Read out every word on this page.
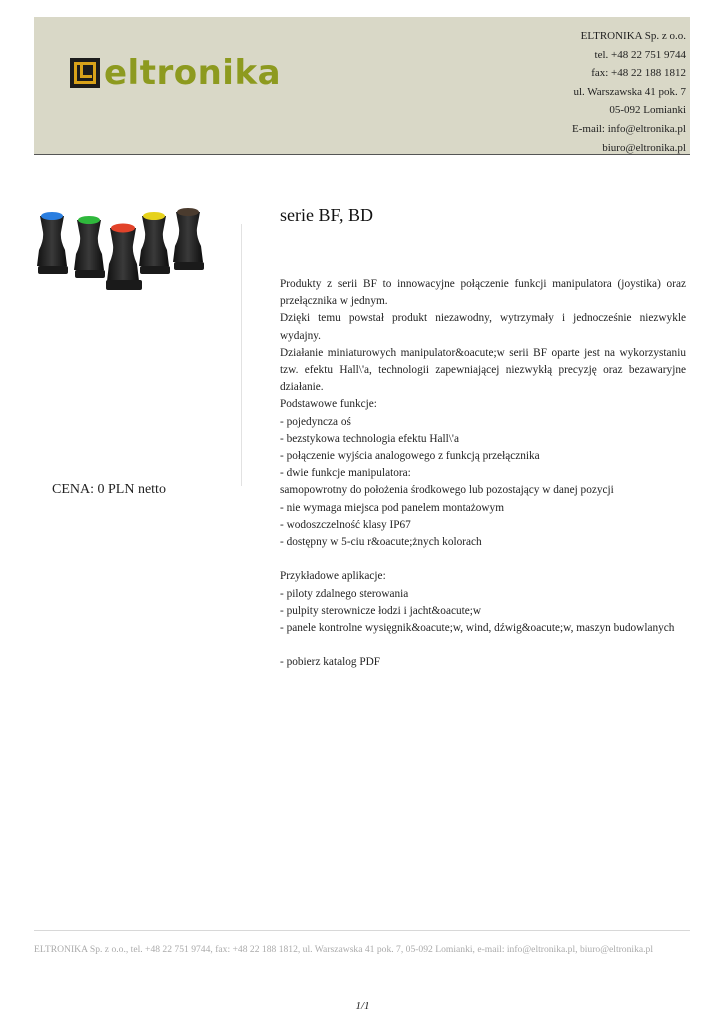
eltronika
ELTRONIKA Sp. z o.o.
tel. +48 22 751 9744
fax: +48 22 188 1812
ul. Warszawska 41 pok. 7
05-092 Lomianki
E-mail: info@eltronika.pl
biuro@eltronika.pl
CENA: 0 PLN netto
serie BF, BD

Produkty z serii BF to innowacyjne połączenie funkcji manipulatora (joystika) oraz przełącznika w jednym.

Dzięki temu powstał produkt niezawodny, wytrzymały i jednocześnie niezwykle wydajny.

Działanie miniaturowych manipulator&oacute;w serii BF oparte jest na wykorzystaniu tzw. efektu Hall\'a, technologii zapewniającej niezwykłą precyzję oraz bezawaryjne działanie.

Podstawowe funkcje:

- pojedyncza oś

- bezstykowa technologia efektu Hall\'a

- połączenie wyjścia analogowego z funkcją przełącznika

- dwie funkcje manipulatora:

samopowrotny do położenia środkowego lub pozostający w danej pozycji

- nie wymaga miejsca pod panelem montażowym

- wodoszczelność klasy IP67

- dostępny w 5-ciu r&oacute;żnych kolorach

Przykładowe aplikacje:

- piloty zdalnego sterowania

- pulpity sterownicze łodzi i jacht&oacute;w

- panele kontrolne wysięgnik&oacute;w, wind, dźwig&oacute;w, maszyn budowlanych

- pobierz katalog PDF

ELTRONIKA Sp. z o.o., tel. +48 22 751 9744, fax: +48 22 188 1812, ul. Warszawska 41 pok. 7, 05-092 Lomianki, e-mail: info@eltronika.pl, biuro@eltronika.pl
1/1
